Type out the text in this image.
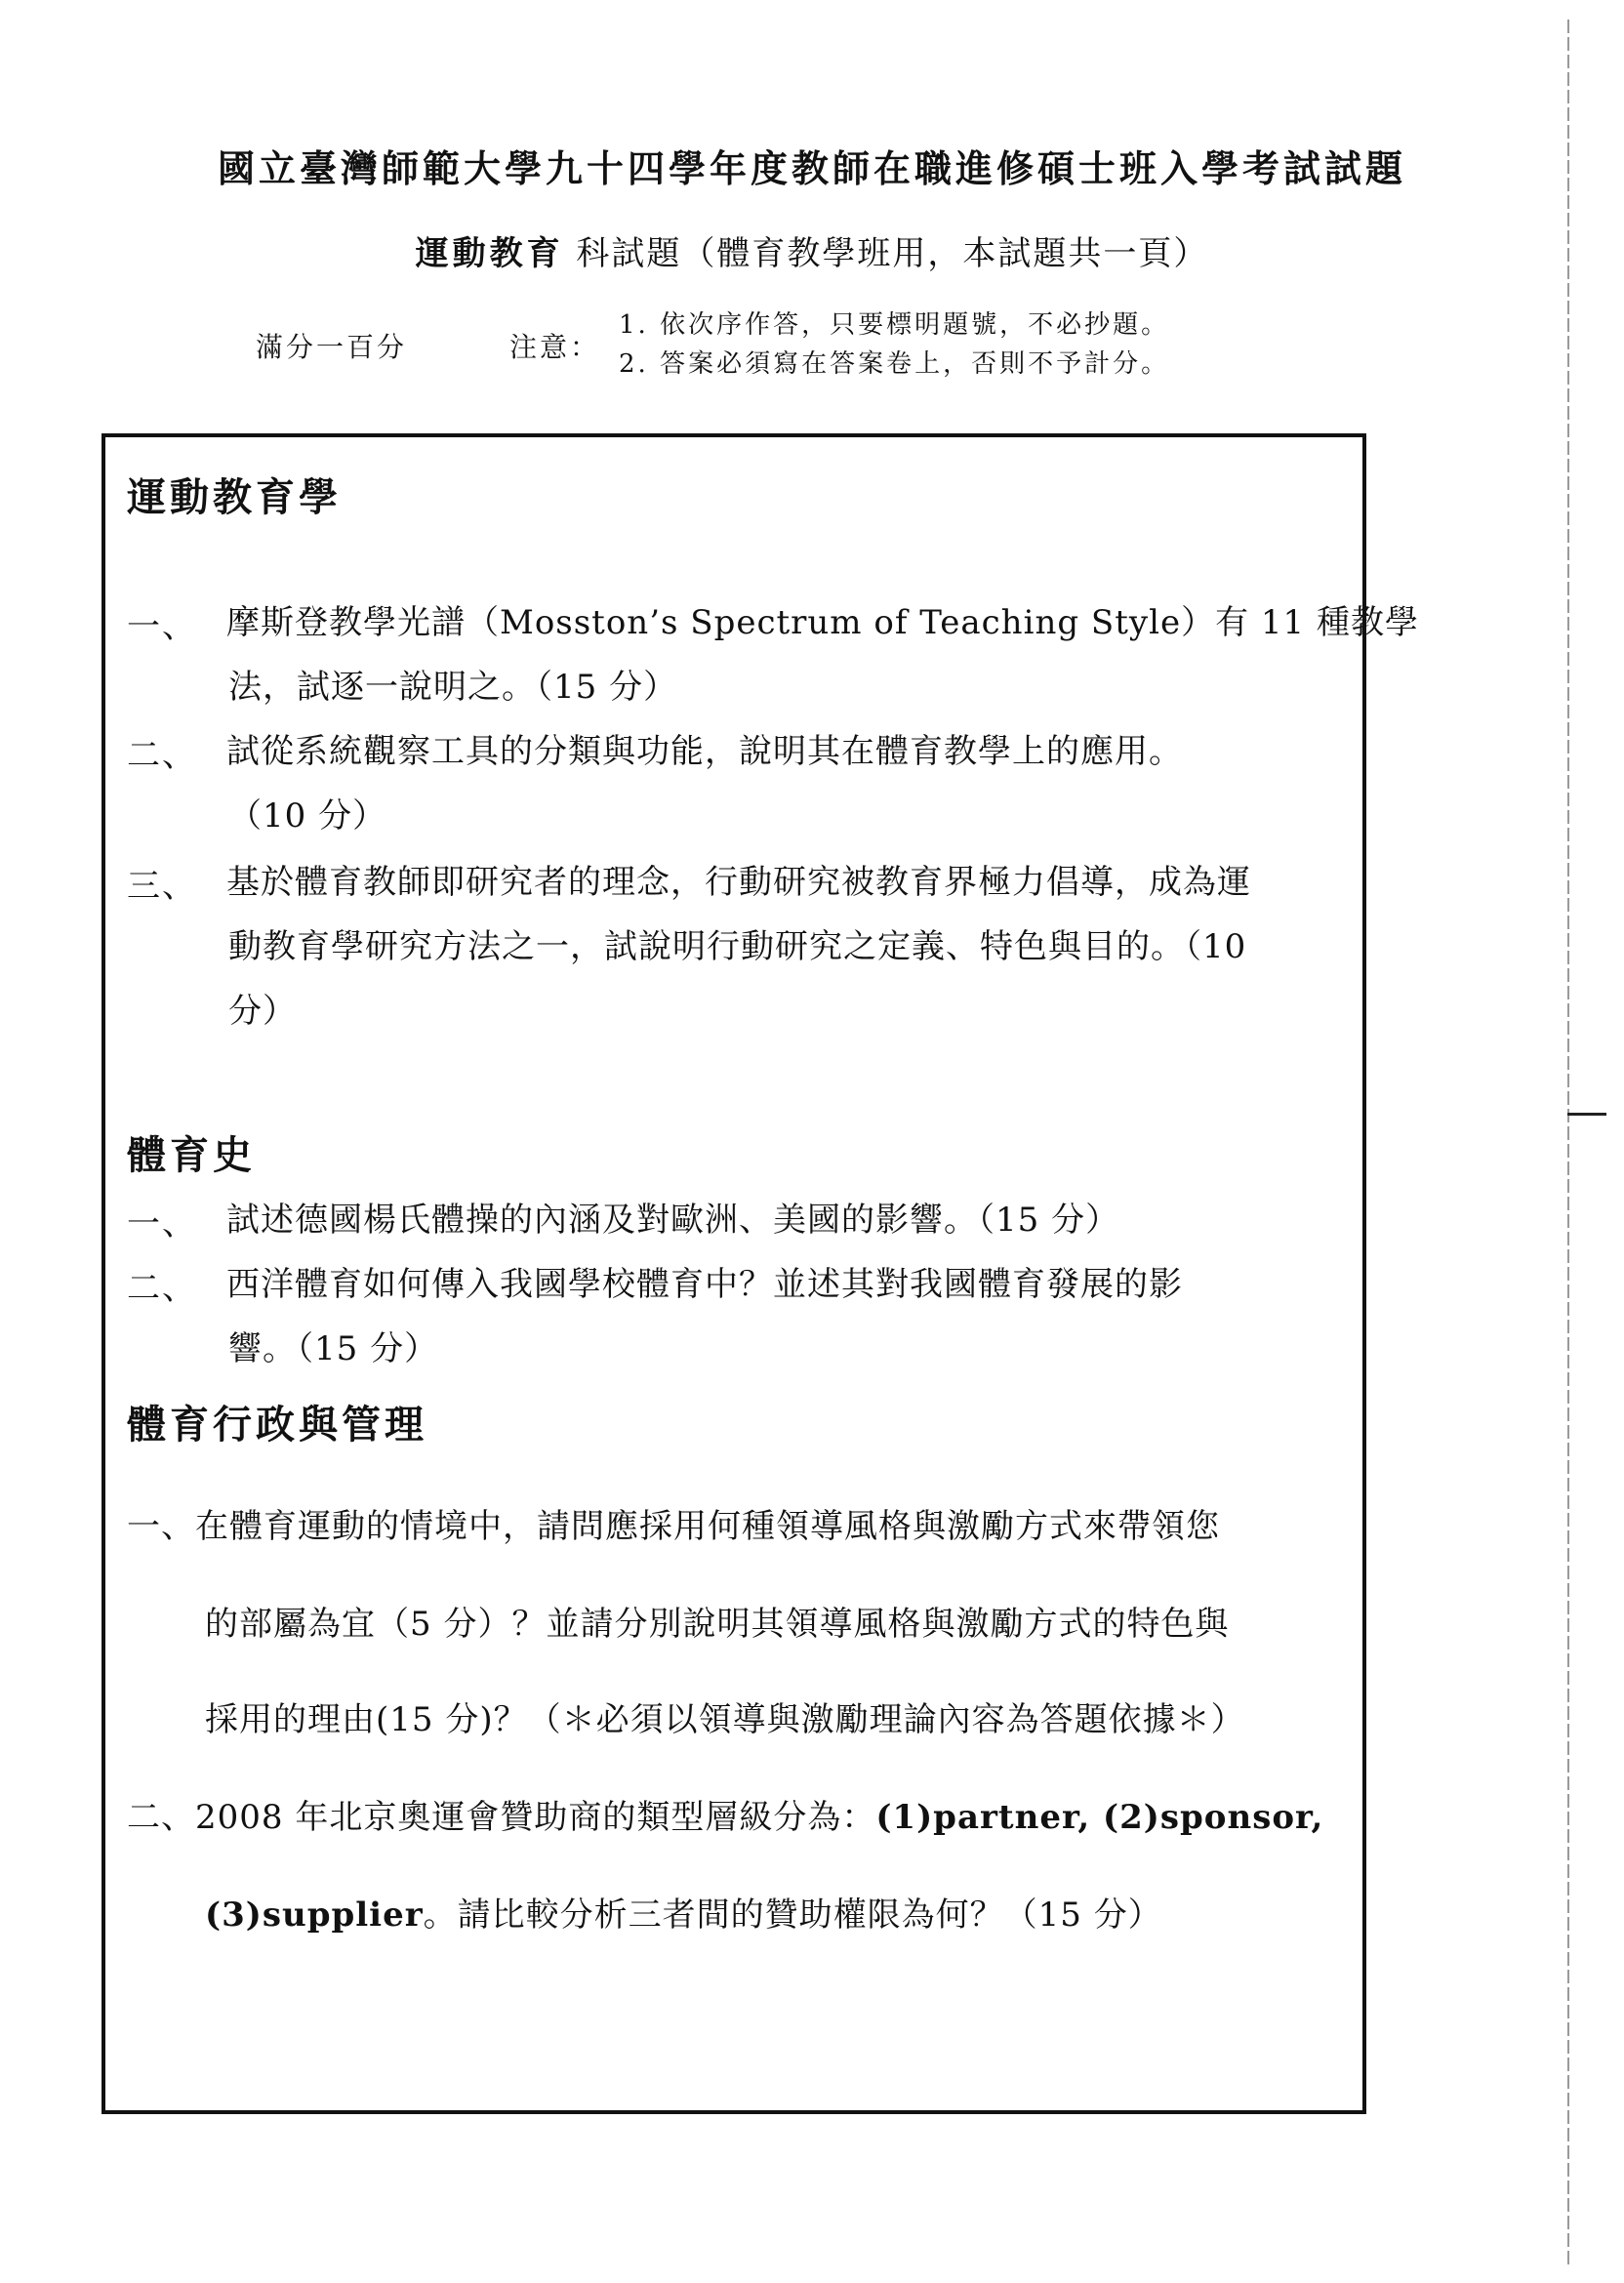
國立臺灣師範大學九十四學年度教師在職進修碩士班入學考試試題
運動教育 科試題（體育教學班用，本試題共一頁）
滿分一百分	注意：
1. 依次序作答，只要標明題號，不必抄題。
2. 答案必須寫在答案卷上，否則不予計分。
運動教育學
一、 摩斯登教學光譜（Mosston’s Spectrum of Teaching Style）有 11 種教學
法，試逐一說明之。（15 分）
二、 試從系統觀察工具的分類與功能，說明其在體育教學上的應用。
（10 分）
三、 基於體育教師即研究者的理念，行動研究被教育界極力倡導，成為運
動教育學研究方法之一，試說明行動研究之定義、特色與目的。（10
分）
體育史
一、 試述德國楊氏體操的內涵及對歐洲、美國的影響。（15 分）
二、 西洋體育如何傳入我國學校體育中？並述其對我國體育發展的影
響。（15 分）
體育行政與管理
一、在體育運動的情境中，請問應採用何種領導風格與激勵方式來帶領您
的部屬為宜（5 分）？並請分別說明其領導風格與激勵方式的特色與
採用的理由(15 分)？（＊必須以領導與激勵理論內容為答題依據＊）
二、2008 年北京奧運會贊助商的類型層級分為：(1)partner, (2)sponsor,
(3)supplier。請比較分析三者間的贊助權限為何？（15 分）
